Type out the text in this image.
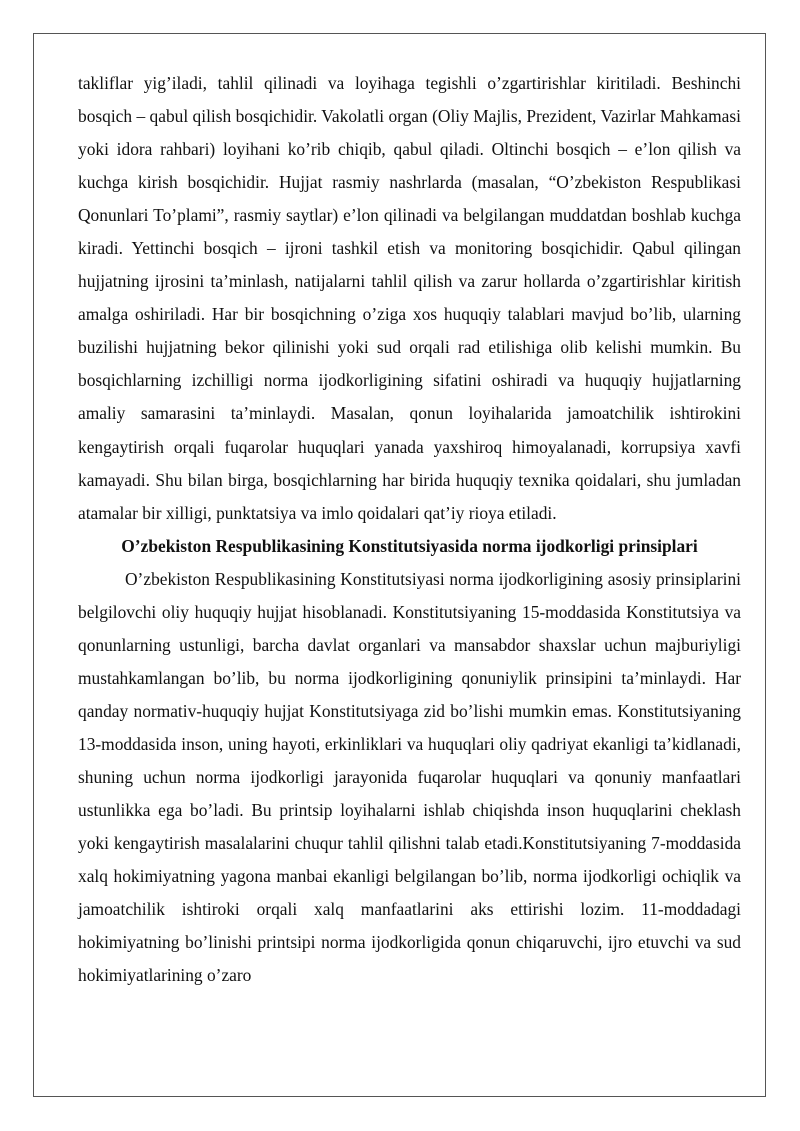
takliflar yig’iladi, tahlil qilinadi va loyihaga tegishli o’zgartirishlar kiritiladi. Beshinchi bosqich – qabul qilish bosqichidir. Vakolatli organ (Oliy Majlis, Prezident, Vazirlar Mahkamasi yoki idora rahbari) loyihani ko’rib chiqib, qabul qiladi. Oltinchi bosqich – e’lon qilish va kuchga kirish bosqichidir. Hujjat rasmiy nashrlarda (masalan, “O’zbekiston Respublikasi Qonunlari To’plami”, rasmiy saytlar) e’lon qilinadi va belgilangan muddatdan boshlab kuchga kiradi. Yettinchi bosqich – ijroni tashkil etish va monitoring bosqichidir. Qabul qilingan hujjatning ijrosini ta’minlash, natijalarni tahlil qilish va zarur hollarda o’zgartirishlar kiritish amalga oshiriladi. Har bir bosqichning o’ziga xos huquqiy talablari mavjud bo’lib, ularning buzilishi hujjatning bekor qilinishi yoki sud orqali rad etilishiga olib kelishi mumkin. Bu bosqichlarning izchilligi norma ijodkorligining sifatini oshiradi va huquqiy hujjatlarning amaliy samarasini ta’minlaydi. Masalan, qonun loyihalarida jamoatchilik ishtirokini kengaytirish orqali fuqarolar huquqlari yanada yaxshiroq himoyalanadi, korrupsiya xavfi kamayadi. Shu bilan birga, bosqichlarning har birida huquqiy texnika qoidalari, shu jumladan atamalar bir xilligi, punktatsiya va imlo qoidalari qat’iy rioya etiladi.

O’zbekiston Respublikasining Konstitutsiyasida norma ijodkorligi prinsiplari

O’zbekiston Respublikasining Konstitutsiyasi norma ijodkorligining asosiy prinsiplarini belgilovchi oliy huquqiy hujjat hisoblanadi. Konstitutsiyaning 15-moddasida Konstitutsiya va qonunlarning ustunligi, barcha davlat organlari va mansabdor shaxslar uchun majburiyligi mustahkamlangan bo’lib, bu norma ijodkorligining qonuniylik prinsipini ta’minlaydi. Har qanday normativ-huquqiy hujjat Konstitutsiyaga zid bo’lishi mumkin emas. Konstitutsiyaning 13-moddasida inson, uning hayoti, erkinliklari va huquqlari oliy qadriyat ekanligi ta’kidlanadi, shuning uchun norma ijodkorligi jarayonida fuqarolar huquqlari va qonuniy manfaatlari ustunlikka ega bo’ladi. Bu printsip loyihalarni ishlab chiqishda inson huquqlarini cheklash yoki kengaytirish masalalarini chuqur tahlil qilishni talab etadi.Konstitutsiyaning 7-moddasida xalq hokimiyatning yagona manbai ekanligi belgilangan bo’lib, norma ijodkorligi ochiqlik va jamoatchilik ishtiroki orqali xalq manfaatlarini aks ettirishi lozim. 11-moddadagi hokimiyatning bo’linishi printsipi norma ijodkorligida qonun chiqaruvchi, ijro etuvchi va sud hokimiyatlarining o’zaro
